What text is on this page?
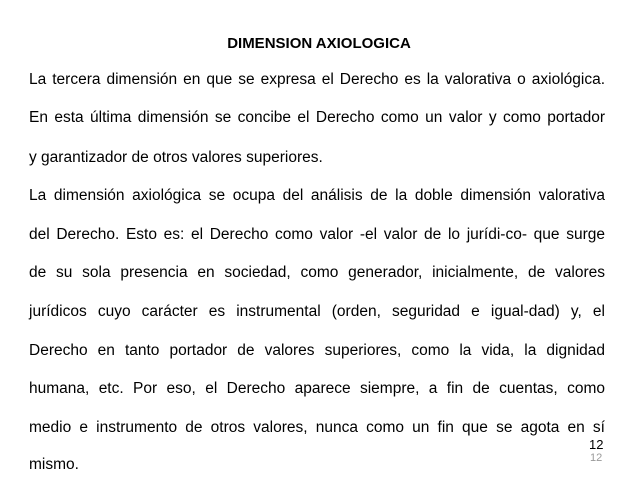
DIMENSION AXIOLOGICA
La tercera dimensión en que se expresa el Derecho es la valorativa o axiológica.
En esta última dimensión se concibe el Derecho como un valor y como portador
y garantizador de otros valores superiores.
La dimensión axiológica se ocupa del análisis de la doble dimensión valorativa
del Derecho. Esto es: el Derecho como valor -el valor de lo jurídi-co- que surge
de su sola presencia en sociedad, como generador, inicialmente, de valores
jurídicos cuyo carácter es instrumental (orden, seguridad e igual-dad) y, el
Derecho en tanto portador de valores superiores, como la vida, la dignidad
humana, etc. Por eso, el Derecho aparece siempre, a fin de cuentas, como
medio e instrumento de otros valores, nunca como un fin que se agota en sí
mismo.
12
12
